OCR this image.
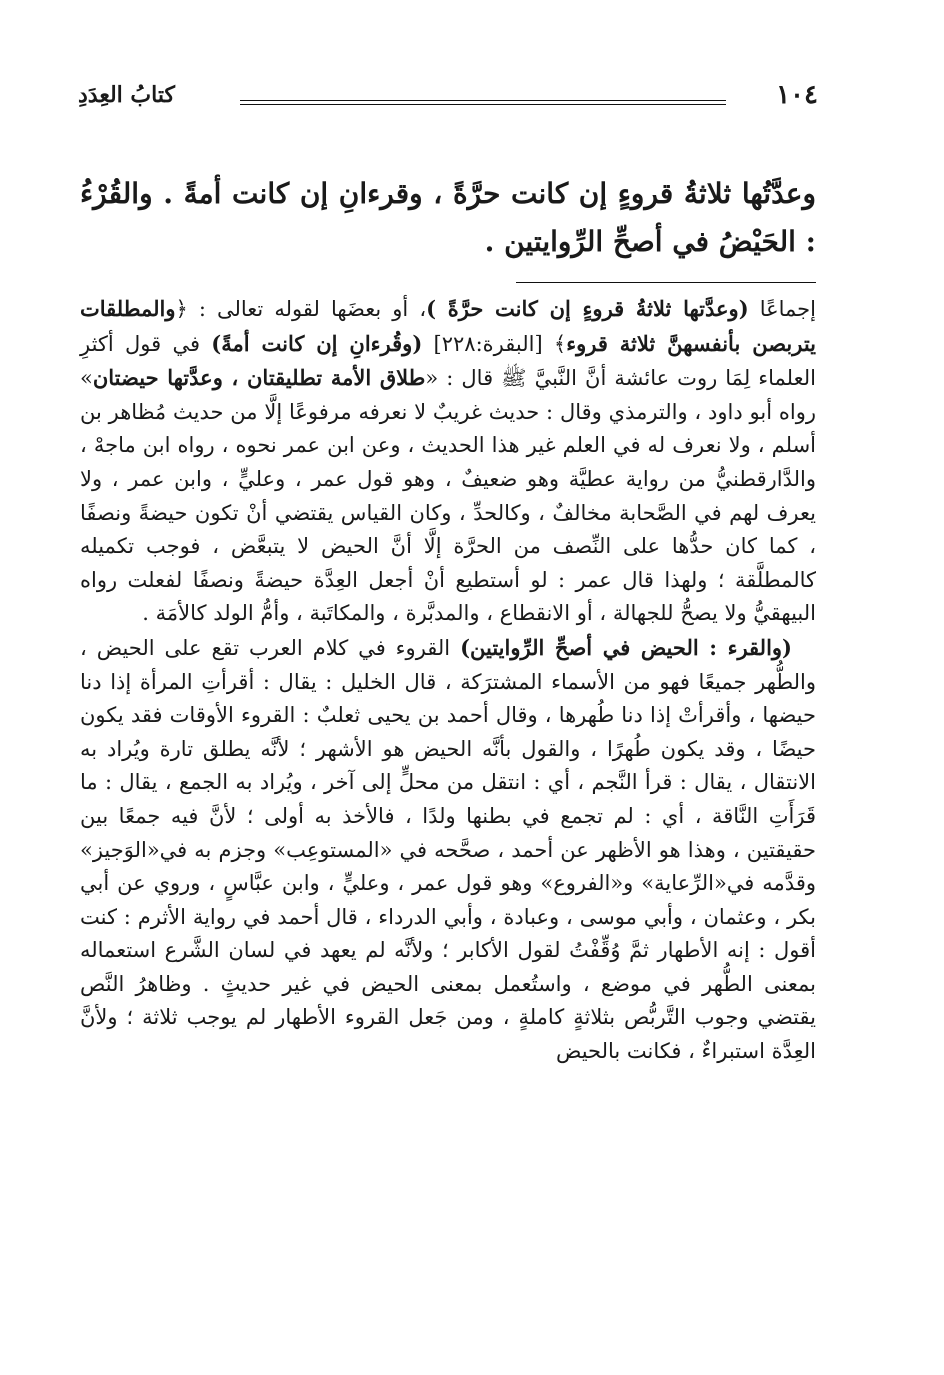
١٠٤
كتابُ العِدَدِ
وعدَّتُها ثلاثةُ قروءٍ إن كانت حرَّةً ، وقرءانِ إن كانت أمةً . والقُرْءُ : الحَيْضُ في أصحِّ الرِّوايتين .

إجماعًا (وعدَّتها ثلاثةُ قروءٍ إن كانت حرَّةً )، أو بعضَها لقوله تعالى : ﴿والمطلقات يتربصن بأنفسهنَّ ثلاثة قروء﴾ [البقرة:٢٢٨] (وقُرءانِ إن كانت أمةً) في قول أكثرِ العلماء لِمَا روت عائشة أنَّ النَّبيَّ ﷺ قال : «طلاق الأمة تطليقتان ، وعدَّتها حيضتان» رواه أبو داود ، والترمذي وقال : حديث غريبٌ لا نعرفه مرفوعًا إلَّا من حديث مُظاهر بن أسلم ، ولا نعرف له في العلم غير هذا الحديث ، وعن ابن عمر نحوه ، رواه ابن ماجهْ ، والدَّارقطنيُّ من رواية عطيَّة وهو ضعيفٌ ، وهو قول عمر ، وعليٍّ ، وابن عمر ، ولا يعرف لهم في الصَّحابة مخالفٌ ، وكالحدِّ ، وكان القياس يقتضي أنْ تكون حيضةً ونصفًا ، كما كان حدُّها على النِّصف من الحرَّة إلَّا أنَّ الحيض لا يتبعَّض ، فوجب تكميله كالمطلَّقة ؛ ولهذا قال عمر : لو أستطيع أنْ أجعل العِدَّة حيضةً ونصفًا لفعلت رواه البيهقيُّ ولا يصحُّ للجهالة ، أو الانقطاع ، والمدبَّرة ، والمكاتَبة ، وأمُّ الولد كالأمَة .

(والقرء : الحيض في أصحِّ الرِّوايتين) القروء في كلام العرب تقع على الحيض ، والطُّهر جميعًا فهو من الأسماء المشترَكة ، قال الخليل : يقال : أقرأتِ المرأة إذا دنا حيضها ، وأقرأتْ إذا دنا طُهرها ، وقال أحمد بن يحيى ثعلبٌ : القروء الأوقات فقد يكون حيضًا ، وقد يكون طُهرًا ، والقول بأنَّه الحيض هو الأشهر ؛ لأنَّه يطلق تارة ويُراد به الانتقال ، يقال : قرأ النَّجم ، أي : انتقل من محلٍّ إلى آخر ، ويُراد به الجمع ، يقال : ما قَرَأَتِ النَّاقة ، أي : لم تجمع في بطنها ولدًا ، فالأخذ به أولى ؛ لأنَّ فيه جمعًا بين حقيقتين ، وهذا هو الأظهر عن أحمد ، صحَّحه في «المستوعِب» وجزم به في«الوَجيز» وقدَّمه في«الرِّعاية» و«الفروع» وهو قول عمر ، وعليٍّ ، وابن عبَّاسٍ ، وروي عن أبي بكر ، وعثمان ، وأبي موسى ، وعبادة ، وأبي الدرداء ، قال أحمد في رواية الأثرم : كنت أقول : إنه الأطهار ثمَّ وُقِّفْتُ لقول الأكابر ؛ ولأنَّه لم يعهد في لسان الشَّرع استعماله بمعنى الطُّهر في موضع ، واستُعمل بمعنى الحيض في غير حديثٍ . وظاهرُ النَّص يقتضي وجوب التَّربُّص بثلاثةٍ كاملةٍ ، ومن جَعل القروء الأطهار لم يوجب ثلاثة ؛ ولأنَّ العِدَّة استبراءٌ ، فكانت بالحيض
